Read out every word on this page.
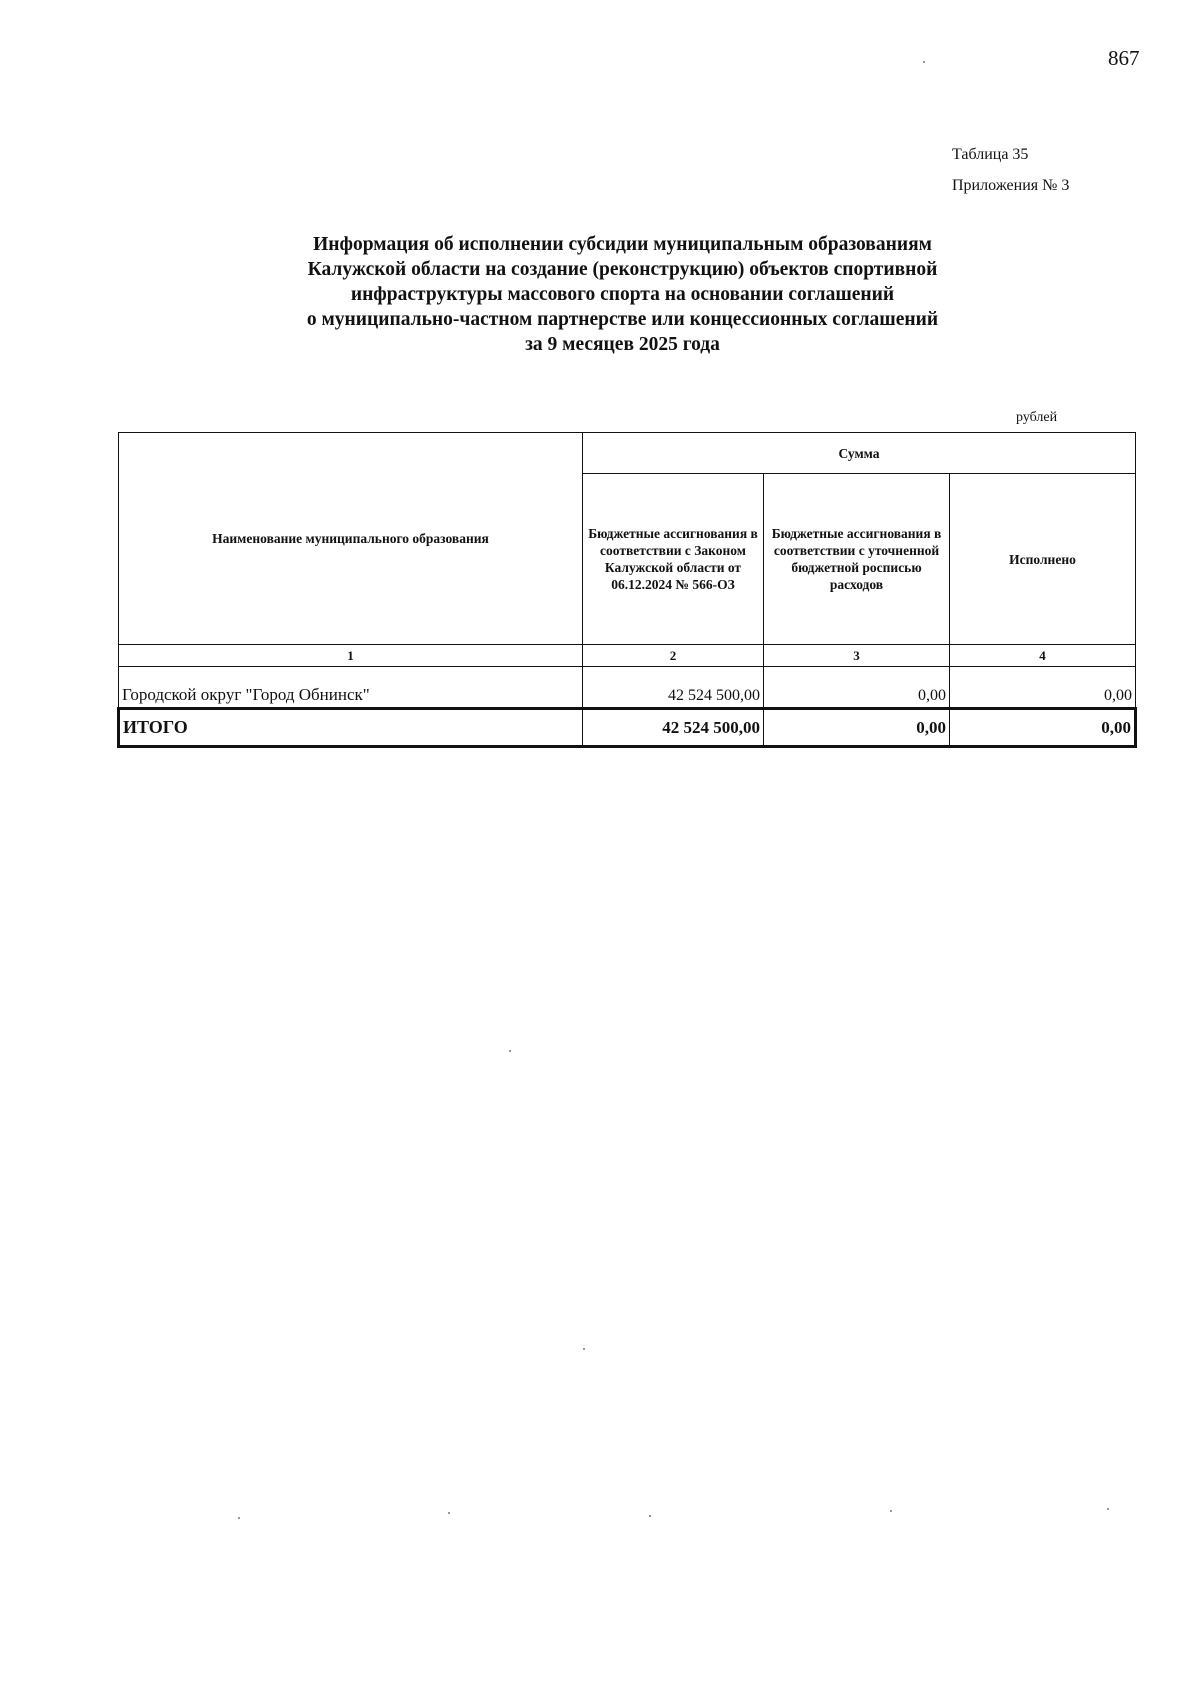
867
Таблица 35
Приложения № 3
Информация об исполнении субсидии муниципальным образованиям
Калужской области на создание (реконструкцию) объектов спортивной
инфраструктуры массового спорта на основании соглашений
о муниципально-частном партнерстве или концессионных соглашений
за 9 месяцев 2025 года
рублей
Наименование муниципального образования	Сумма		
	Бюджетные ассигнования в соответствии с Законом Калужской области от 06.12.2024 № 566-ОЗ	Бюджетные ассигнования в соответствии с уточненной бюджетной росписью расходов	Исполнено
1	2	3	4
Городской округ "Город Обнинск"	42 524 500,00	0,00	0,00
ИТОГО	42 524 500,00	0,00	0,00
